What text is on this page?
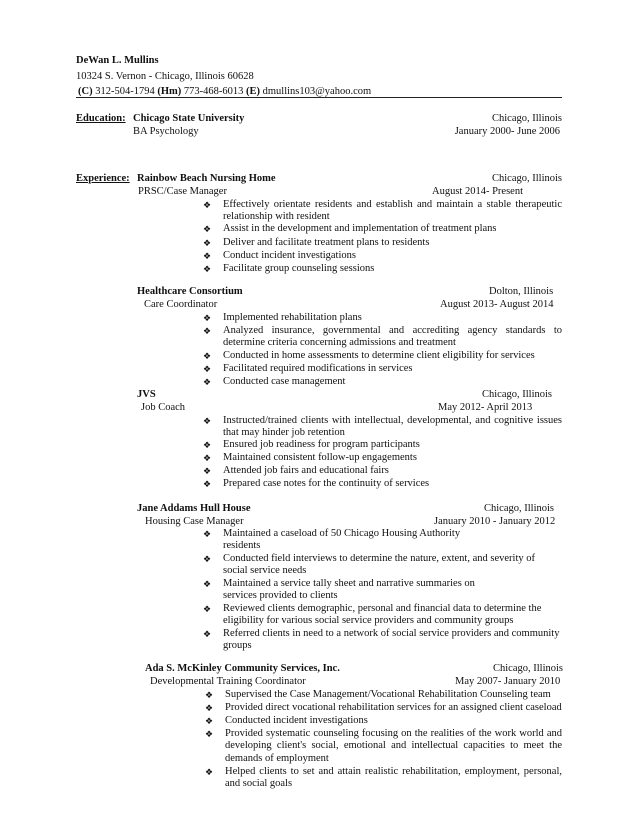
DeWan L. Mullins
10324 S. Vernon - Chicago, Illinois 60628
(C) 312-504-1794 (Hm) 773-468-6013 (E) dmullins103@yahoo.com
Education: Chicago State University	Chicago, Illinois
BA Psychology	January 2000- June 2006
Experience: Rainbow Beach Nursing Home	Chicago, Illinois
PRSC/Case Manager	August 2014- Present
❖	Effectively orientate residents and establish and maintain a stable therapeutic relationship with resident
❖	Assist in the development and implementation of treatment plans
❖	Deliver and facilitate treatment plans to residents
❖	Conduct incident investigations
❖	Facilitate group counseling sessions
Healthcare Consortium	Dolton, Illinois
Care Coordinator	August 2013- August 2014
❖	Implemented rehabilitation plans
❖	Analyzed insurance, governmental and accrediting agency standards to determine criteria concerning admissions and treatment
❖	Conducted in home assessments to determine client eligibility for services
❖	Facilitated required modifications in services
❖	Conducted case management
JVS	Chicago, Illinois
Job Coach	May 2012- April 2013
❖	Instructed/trained clients with intellectual, developmental, and cognitive issues that may hinder job retention
❖	Ensured job readiness for program participants
❖	Maintained consistent follow-up engagements
❖	Attended job fairs and educational fairs
❖	Prepared case notes for the continuity of services
Jane Addams Hull House	Chicago, Illinois
Housing Case Manager	January 2010 - January 2012
❖	Maintained a caseload of 50 Chicago Housing Authority residents
❖	Conducted field interviews to determine the nature, extent, and severity of social service needs
❖	Maintained a service tally sheet and narrative summaries on services provided to clients
❖	Reviewed clients demographic, personal and financial data to determine the eligibility for various social service providers and community groups
❖	Referred clients in need to a network of social service providers and community groups
Ada S. McKinley Community Services, Inc.	Chicago, Illinois
Developmental Training Coordinator	May 2007- January 2010
❖	Supervised the Case Management/Vocational Rehabilitation Counseling team
❖	Provided direct vocational rehabilitation services for an assigned client caseload
❖	Conducted incident investigations
❖	Provided systematic counseling focusing on the realities of the work world and developing client's social, emotional and intellectual capacities to meet the demands of employment
❖	Helped clients to set and attain realistic rehabilitation, employment, personal, and social goals
